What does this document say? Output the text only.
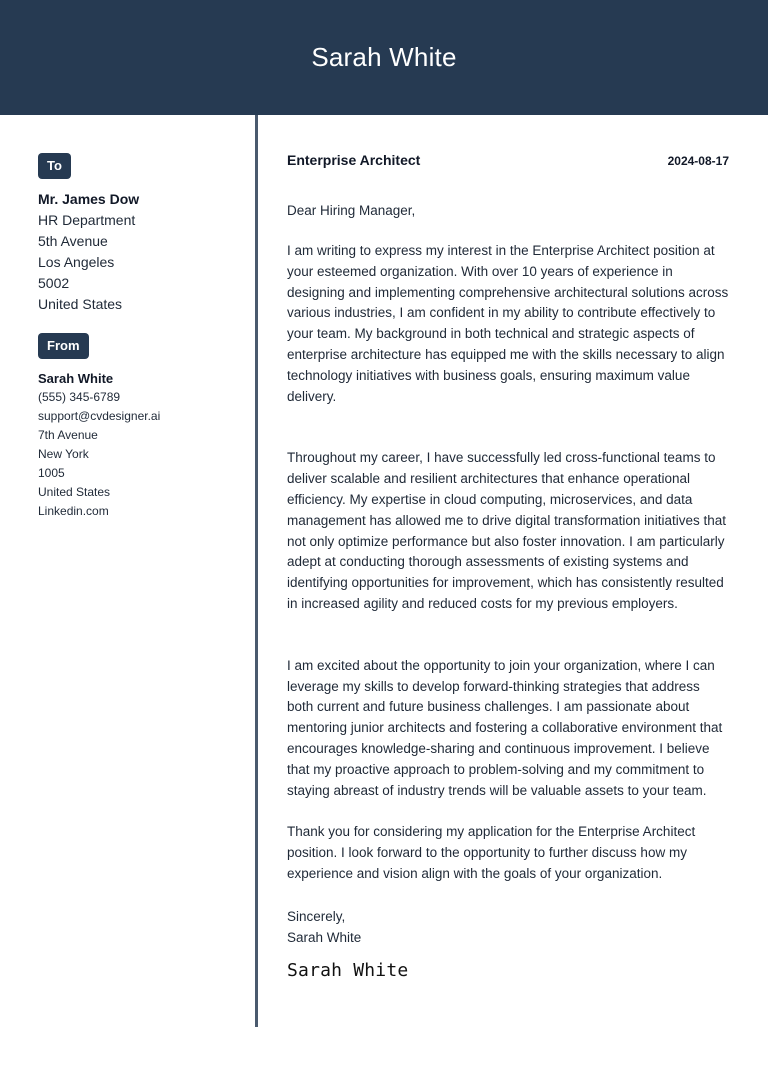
Sarah White
To
Mr. James Dow
HR Department
5th Avenue
Los Angeles
5002
United States
From
Sarah White
(555) 345-6789
support@cvdesigner.ai
7th Avenue
New York
1005
United States
Linkedin.com
Enterprise Architect	2024-08-17
Dear Hiring Manager,

I am writing to express my interest in the Enterprise Architect position at your esteemed organization. With over 10 years of experience in designing and implementing comprehensive architectural solutions across various industries, I am confident in my ability to contribute effectively to your team. My background in both technical and strategic aspects of enterprise architecture has equipped me with the skills necessary to align technology initiatives with business goals, ensuring maximum value delivery.

Throughout my career, I have successfully led cross-functional teams to deliver scalable and resilient architectures that enhance operational efficiency. My expertise in cloud computing, microservices, and data management has allowed me to drive digital transformation initiatives that not only optimize performance but also foster innovation. I am particularly adept at conducting thorough assessments of existing systems and identifying opportunities for improvement, which has consistently resulted in increased agility and reduced costs for my previous employers.

I am excited about the opportunity to join your organization, where I can leverage my skills to develop forward-thinking strategies that address both current and future business challenges. I am passionate about mentoring junior architects and fostering a collaborative environment that encourages knowledge-sharing and continuous improvement. I believe that my proactive approach to problem-solving and my commitment to staying abreast of industry trends will be valuable assets to your team.

Thank you for considering my application for the Enterprise Architect position. I look forward to the opportunity to further discuss how my experience and vision align with the goals of your organization.

Sincerely,
Sarah White
Sarah White
